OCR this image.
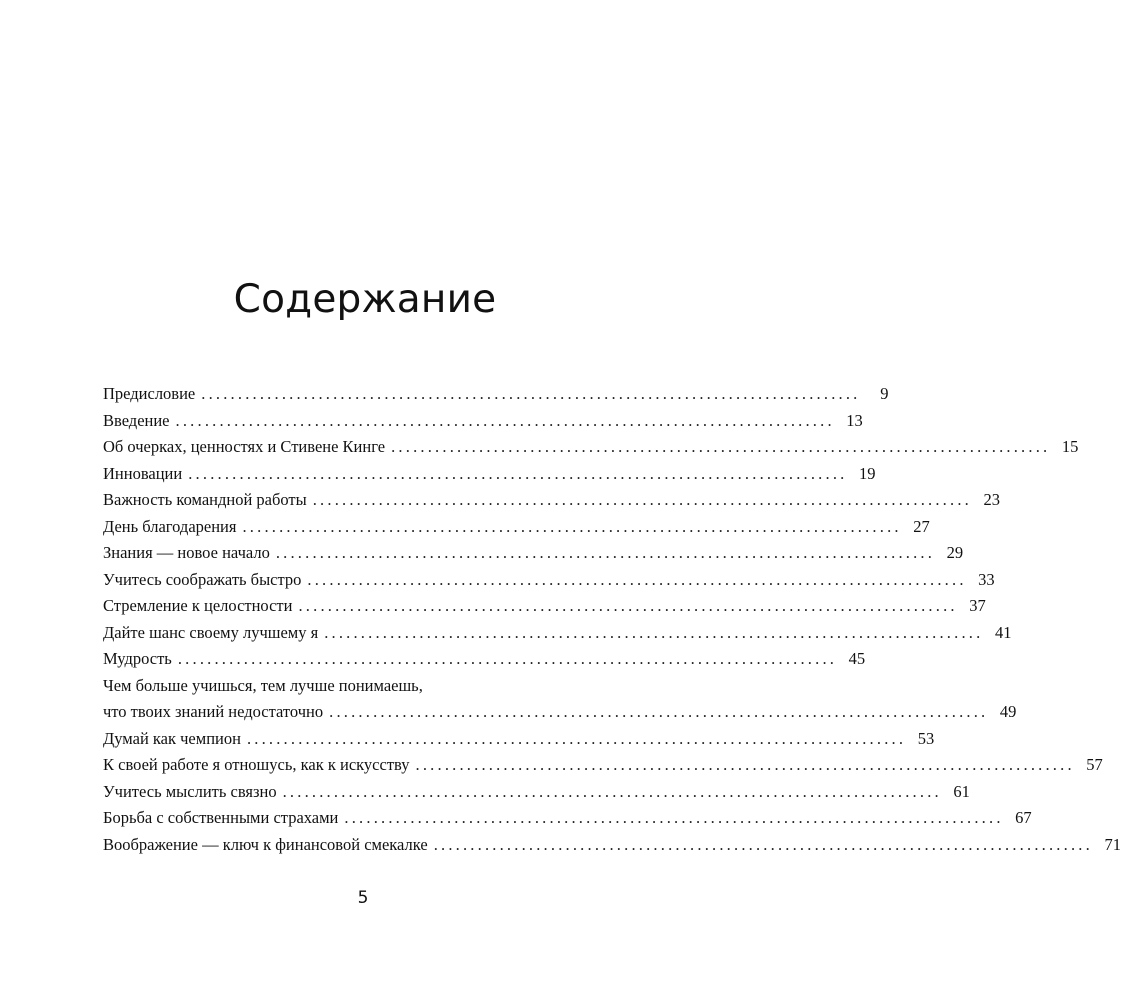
Содержание
Предисловие ..........................................................................................	9
Введение .......................................................................................... 13
Об очерках, ценностях и Стивене Кинге .......................................................................................... 15
Инновации .......................................................................................... 19
Важность командной работы .......................................................................................... 23
День благодарения .......................................................................................... 27
Знания — новое начало .......................................................................................... 29
Учитесь соображать быстро .......................................................................................... 33
Стремление к целостности .......................................................................................... 37
Дайте шанс своему лучшему я .......................................................................................... 41
Мудрость .......................................................................................... 45
Чем больше учишься, тем лучше понимаешь,
что твоих знаний недостаточно .......................................................................................... 49
Думай как чемпион .......................................................................................... 53
К своей работе я отношусь, как к искусству .......................................................................................... 57
Учитесь мыслить связно .......................................................................................... 61
Борьба с собственными страхами .......................................................................................... 67
Воображение — ключ к финансовой смекалке .......................................................................................... 71

5
